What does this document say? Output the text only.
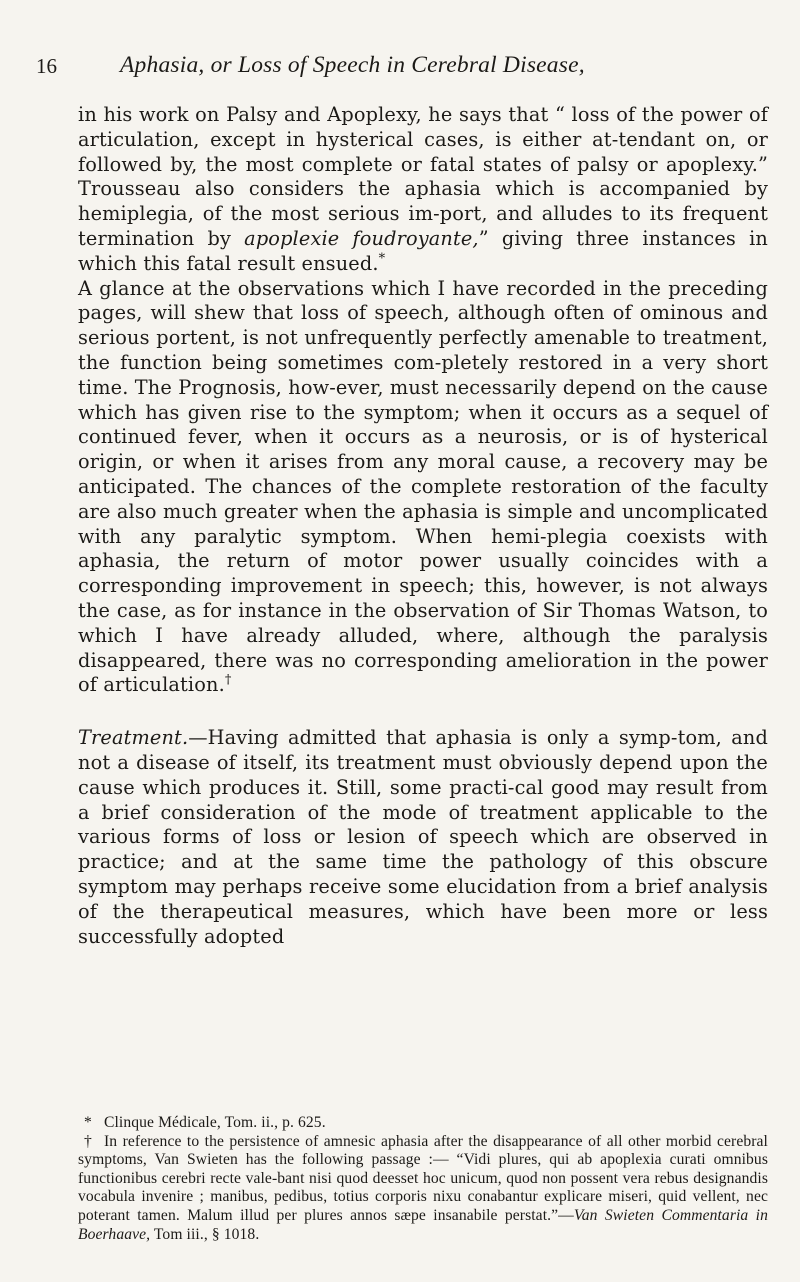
16	Aphasia, or Loss of Speech in Cerebral Disease,

in his work on Palsy and Apoplexy, he says that “ loss of the power of articulation, except in hysterical cases, is either at-tendant on, or followed by, the most complete or fatal states of palsy or apoplexy.” Trousseau also considers the aphasia which is accompanied by hemiplegia, of the most serious im-port, and alludes to its frequent termination by apoplexie foudroyante,” giving three instances in which this fatal result ensued.*

A glance at the observations which I have recorded in the preceding pages, will shew that loss of speech, although often of ominous and serious portent, is not unfrequently perfectly amenable to treatment, the function being sometimes com-pletely restored in a very short time. The Prognosis, how-ever, must necessarily depend on the cause which has given rise to the symptom; when it occurs as a sequel of continued fever, when it occurs as a neurosis, or is of hysterical origin, or when it arises from any moral cause, a recovery may be anticipated. The chances of the complete restoration of the faculty are also much greater when the aphasia is simple and uncomplicated with any paralytic symptom. When hemi-plegia coexists with aphasia, the return of motor power usually coincides with a corresponding improvement in speech; this, however, is not always the case, as for instance in the observation of Sir Thomas Watson, to which I have already alluded, where, although the paralysis disappeared, there was no corresponding amelioration in the power of articulation.†

Treatment.—Having admitted that aphasia is only a symp-tom, and not a disease of itself, its treatment must obviously depend upon the cause which produces it. Still, some practi-cal good may result from a brief consideration of the mode of treatment applicable to the various forms of loss or lesion of speech which are observed in practice; and at the same time the pathology of this obscure symptom may perhaps receive some elucidation from a brief analysis of the therapeutical measures, which have been more or less successfully adopted

* Clinque Médicale, Tom. ii., p. 625.

† In reference to the persistence of amnesic aphasia after the disappearance of all other morbid cerebral symptoms, Van Swieten has the following passage :— “Vidi plures, qui ab apoplexia curati omnibus functionibus cerebri recte vale-bant nisi quod deesset hoc unicum, quod non possent vera rebus designandis vocabula invenire ; manibus, pedibus, totius corporis nixu conabantur explicare miseri, quid vellent, nec poterant tamen. Malum illud per plures annos sæpe insanabile perstat.”—Van Swieten Commentaria in Boerhaave, Tom iii., § 1018.
